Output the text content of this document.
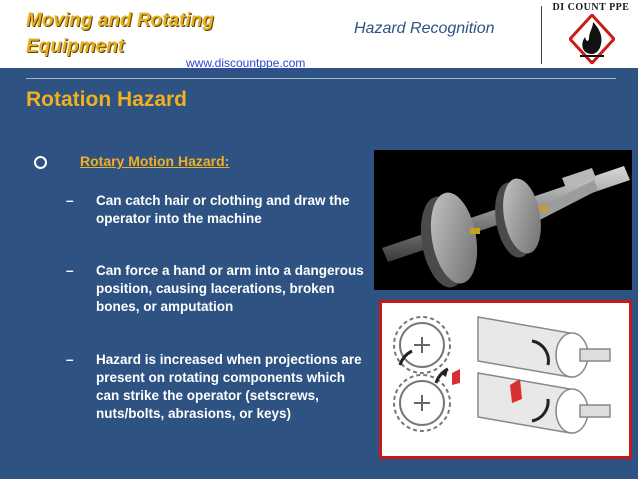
Moving and Rotating
Equipment
www.discountppe.com
Hazard Recognition
DI COUNT PPE
Rotation Hazard
Rotary Motion Hazard:
– Can catch hair or clothing and draw the operator into the machine
– Can force a hand or arm into a dangerous position, causing lacerations, broken bones, or amputation
– Hazard is increased when projections are present on rotating components which can strike the operator (setscrews, nuts/bolts, abrasions, or keys)
